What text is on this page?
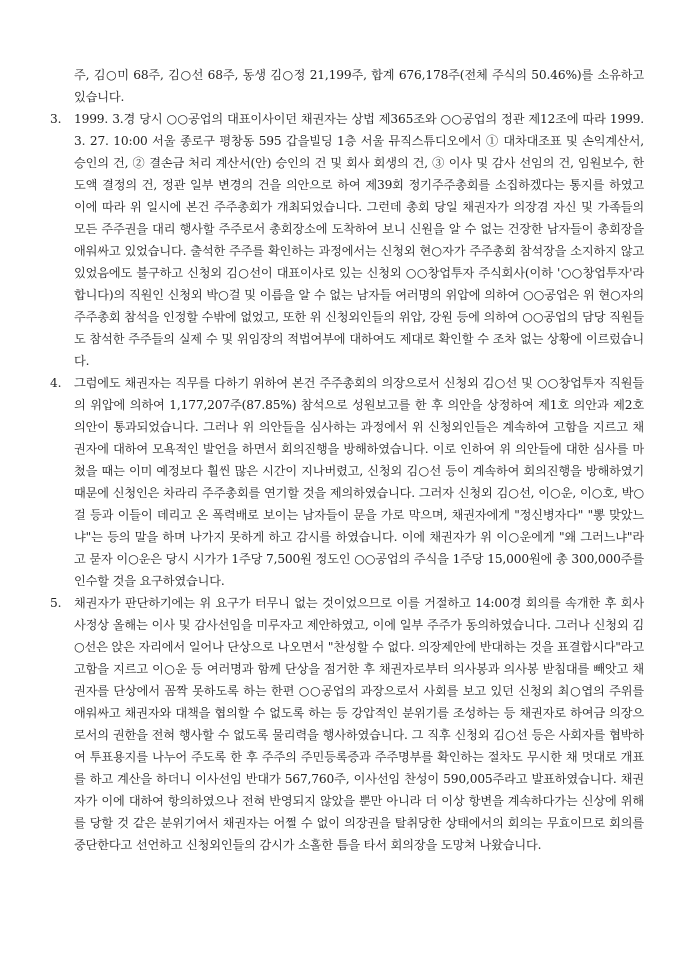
주, 김○미 68주, 김○선 68주, 동생 김○정 21,199주, 합계 676,178주(전체 주식의 50.46%)를 소유하고 있습니다.

3. 1999. 3.경 당시 ○○공업의 대표이사이던 채권자는 상법 제365조와 ○○공업의 정관 제12조에 따라 1999. 3. 27. 10:00 서울 종로구 평창동 595 갑을빌딩 1층 서울 뮤직스튜디오에서 ① 대차대조표 및 손익계산서, 승인의 건, ② 결손금 처리 계산서(안) 승인의 건 및 회사 회생의 건, ③ 이사 및 감사 선임의 건, 임원보수, 한도액 결정의 건, 정관 일부 변경의 건을 의안으로 하여 제39회 정기주주총회를 소집하겠다는 통지를 하였고 이에 따라 위 일시에 본건 주주총회가 개최되었습니다. 그런데 총회 당일 채권자가 의장겸 자신 및 가족들의 모든 주주권을 대리 행사할 주주로서 총회장소에 도착하여 보니 신원을 알 수 없는 건장한 남자들이 총회장을 애워싸고 있었습니다. 출석한 주주를 확인하는 과정에서는 신청외 현○자가 주주총회 참석장을 소지하지 않고 있었음에도 불구하고 신청외 김○선이 대표이사로 있는 신청외 ○○창업투자 주식회사(이하 '○○창업투자'라 합니다)의 직원인 신청외 박○걸 및 이름을 알 수 없는 남자들 여러명의 위압에 의하여 ○○공업은 위 현○자의 주주총회 참석을 인정할 수밖에 없었고, 또한 위 신청외인들의 위압, 강원 등에 의하여 ○○공업의 담당 직원들도 참석한 주주들의 실제 수 및 위임장의 적법여부에 대하여도 제대로 확인할 수 조차 없는 상황에 이르렀습니다.

4. 그럼에도 채권자는 직무를 다하기 위하여 본건 주주총회의 의장으로서 신청외 김○선 및 ○○창업투자 직원들의 위압에 의하여 1,177,207주(87.85%) 참석으로 성원보고를 한 후 의안을 상정하여 제1호 의안과 제2호 의안이 통과되었습니다. 그러나 위 의안들을 심사하는 과정에서 위 신청외인들은 계속하여 고함을 지르고 채권자에 대하여 모욕적인 발언을 하면서 회의진행을 방해하였습니다. 이로 인하여 위 의안들에 대한 심사를 마쳤을 때는 이미 예정보다 훨씬 많은 시간이 지나버렸고, 신청외 김○선 등이 계속하여 회의진행을 방해하였기 때문에 신청인은 차라리 주주총회를 연기할 것을 제의하였습니다. 그러자 신청외 김○선, 이○운, 이○호, 박○걸 등과 이들이 데리고 온 폭력배로 보이는 남자들이 문을 가로 막으며, 채권자에게 "정신병자다" "뽕 맞았느냐"는 등의 말을 하며 나가지 못하게 하고 감시를 하였습니다. 이에 채권자가 위 이○운에게 "왜 그러느냐"라고 묻자 이○운은 당시 시가가 1주당 7,500원 정도인 ○○공업의 주식을 1주당 15,000원에 총 300,000주를 인수할 것을 요구하였습니다.

5. 채권자가 판단하기에는 위 요구가 터무니 없는 것이었으므로 이를 거절하고 14:00경 회의를 속개한 후 회사 사정상 올해는 이사 및 감사선임을 미루자고 제안하였고, 이에 일부 주주가 동의하였습니다. 그러나 신청외 김○선은 앉은 자리에서 일어나 단상으로 나오면서 "찬성할 수 없다. 의장제안에 반대하는 것을 표결합시다"라고 고함을 지르고 이○운 등 여러명과 함께 단상을 점거한 후 채권자로부터 의사봉과 의사봉 받침대를 빼앗고 채권자를 단상에서 꼼짝 못하도록 하는 한편 ○○공업의 과장으로서 사회를 보고 있던 신청외 최○엽의 주위를 애워싸고 채권자와 대책을 협의할 수 없도록 하는 등 강압적인 분위기를 조성하는 등 채권자로 하여금 의장으로서의 권한을 전혀 행사할 수 없도록 물리력을 행사하였습니다. 그 직후 신청외 김○선 등은 사회자를 협박하여 투표용지를 나누어 주도록 한 후 주주의 주민등록증과 주주명부를 확인하는 절차도 무시한 채 멋대로 개표를 하고 계산을 하더니 이사선임 반대가 567,760주, 이사선임 찬성이 590,005주라고 발표하였습니다. 채권자가 이에 대하여 항의하였으나 전혀 반영되지 않았을 뿐만 아니라 더 이상 항변을 계속하다가는 신상에 위해를 당할 것 같은 분위기여서 채권자는 어쩔 수 없이 의장권을 탈취당한 상태에서의 회의는 무효이므로 회의를 중단한다고 선언하고 신청외인들의 감시가 소홀한 틈을 타서 회의장을 도망쳐 나왔습니다.
